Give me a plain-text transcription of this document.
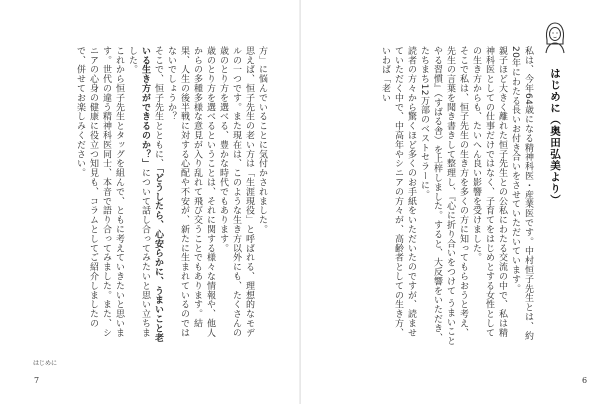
方」に悩んでいることに気付かされました。
思えば、恒子先生の老い方は「生涯現役」と呼ばれる、理想的なモデルの一つです。また現在は、このような生き方以外にも、たくさんの歳のとり方を選べる、豊かな時代でもあります。
歳のとり方を選べるということは、それに関する様々な情報や、他人からの多種多様な意見が入り乱れて飛び交うことでもあります。結果、人生の後半戦に対する心配や不安が、新たに生まれているのではないでしょうか？
そこで、恒子先生とともに、「どうしたら、心安らかに、うまいこと老いる生き方ができるのか？」について話し合ってみたいと思い立ちました。
これから恒子先生とタッグを組んで、ともに考えていきたいと思います。世代の違う精神科医同士、本音で語り合ってみました。また、シニアの心身の健康に役立つ知見も、コラムとしてご紹介しましたので、併せてお楽しみください。
はじめに
7
はじめに（奥田弘美より）
私は、今年64歳になる精神科医・産業医です。中村恒子先生とは、約20年にわたる長いお付き合いをさせていただいています。
親子ほど大きく離れた恒子先生との公私にわたる交流の中で、私は精神科医としての仕事だけではなく、子育てをはじめとする女性としての生き方からも、たいへん良い影響を受けました。
そこで私は、恒子先生の生き方を多くの方に知ってもらおうと考え、先生の言葉を聞き書きして整理し、『心に折り合いをつけて うまいことやる習慣』（すばる舎）を上梓しました。すると、大反響をいただき、たちまち12万部のベストセラーに。
読者の方々から驚くほど多くのお手紙をいただいたのですが、読ませていただく中で、中高年やシニアの方々が、高齢者としての生き方、いわば「老い
6
